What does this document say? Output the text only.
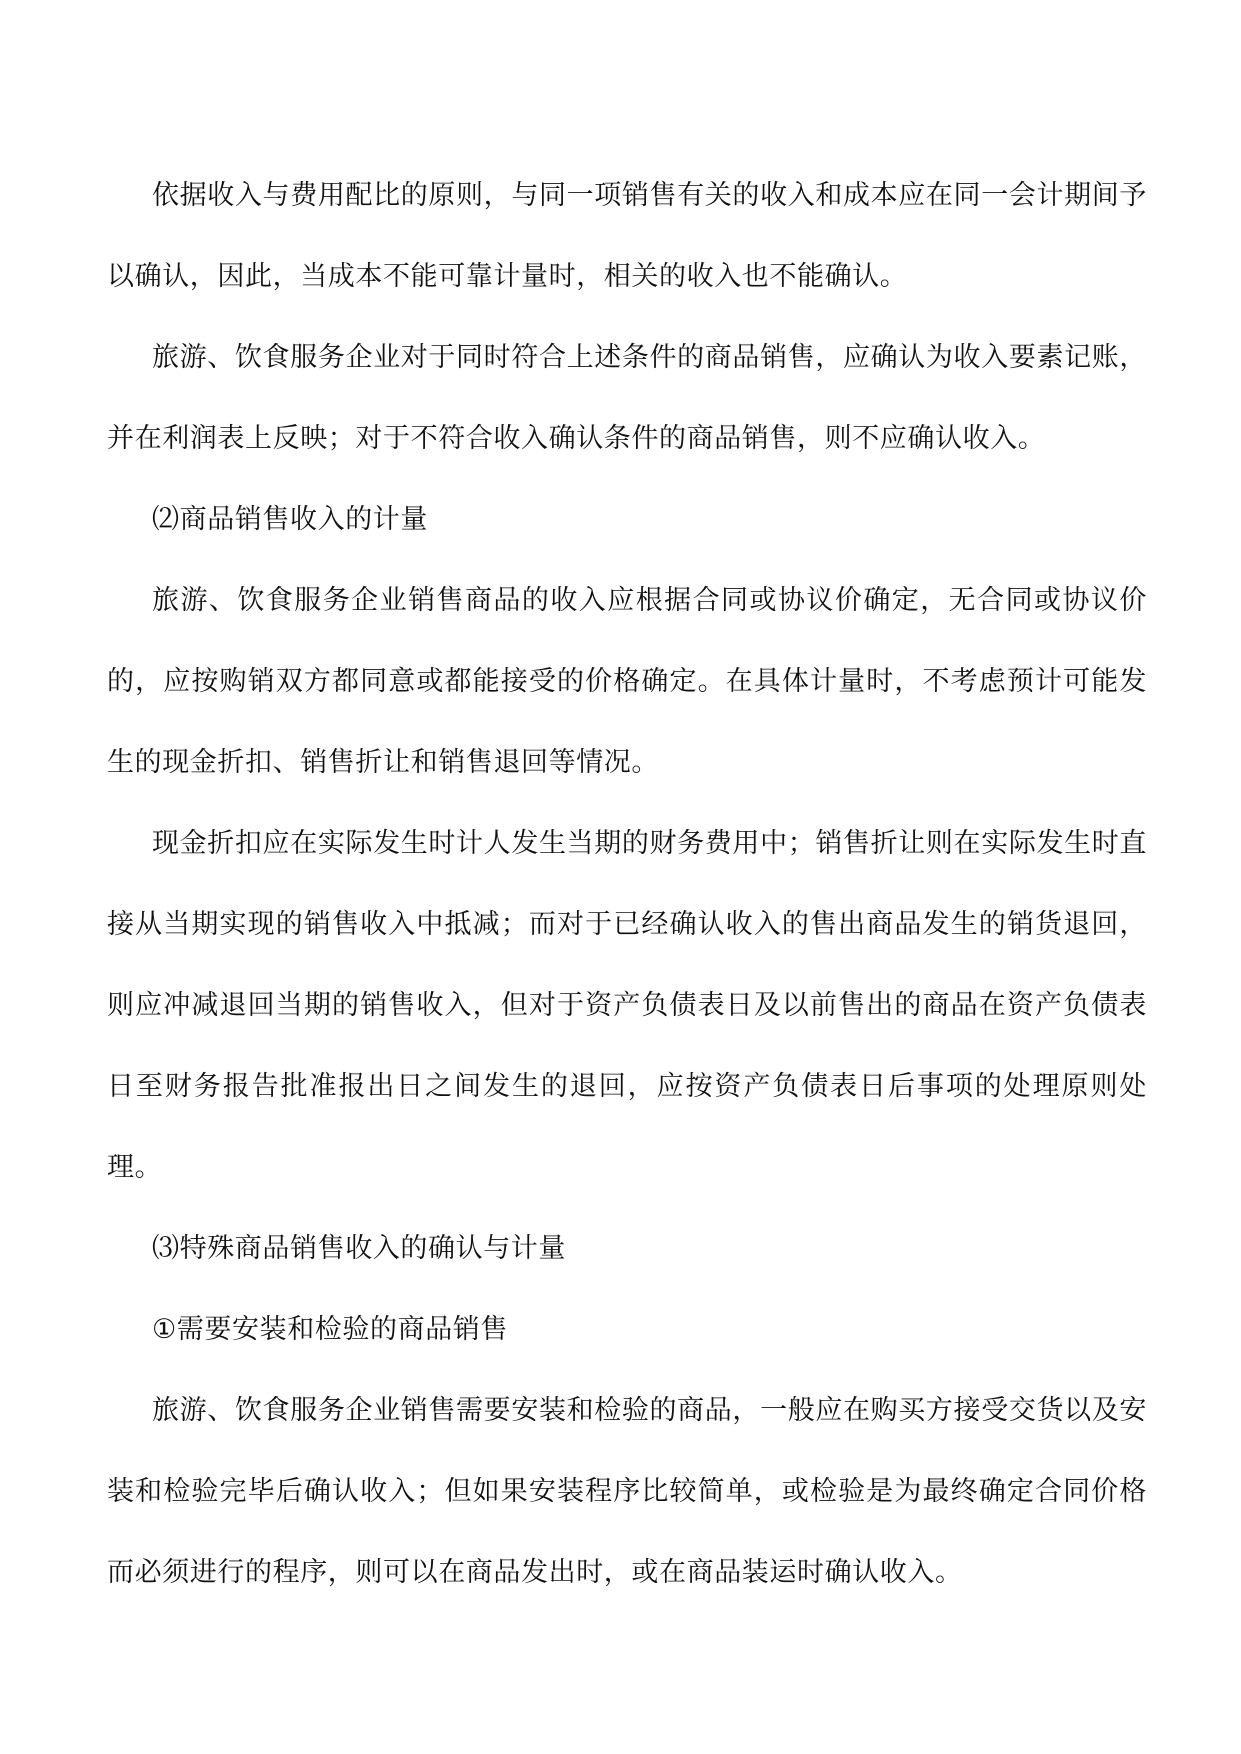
依据收入与费用配比的原则，与同一项销售有关的收入和成本应在同一会计期间予以确认，因此，当成本不能可靠计量时，相关的收入也不能确认。

旅游、饮食服务企业对于同时符合上述条件的商品销售，应确认为收入要素记账，并在利润表上反映；对于不符合收入确认条件的商品销售，则不应确认收入。

⑵商品销售收入的计量

旅游、饮食服务企业销售商品的收入应根据合同或协议价确定，无合同或协议价的，应按购销双方都同意或都能接受的价格确定。在具体计量时，不考虑预计可能发生的现金折扣、销售折让和销售退回等情况。

现金折扣应在实际发生时计人发生当期的财务费用中；销售折让则在实际发生时直接从当期实现的销售收入中抵减；而对于已经确认收入的售出商品发生的销货退回，则应冲减退回当期的销售收入，但对于资产负债表日及以前售出的商品在资产负债表日至财务报告批准报出日之间发生的退回，应按资产负债表日后事项的处理原则处理。

⑶特殊商品销售收入的确认与计量

①需要安装和检验的商品销售

旅游、饮食服务企业销售需要安装和检验的商品，一般应在购买方接受交货以及安装和检验完毕后确认收入；但如果安装程序比较简单，或检验是为最终确定合同价格而必须进行的程序，则可以在商品发出时，或在商品装运时确认收入。
